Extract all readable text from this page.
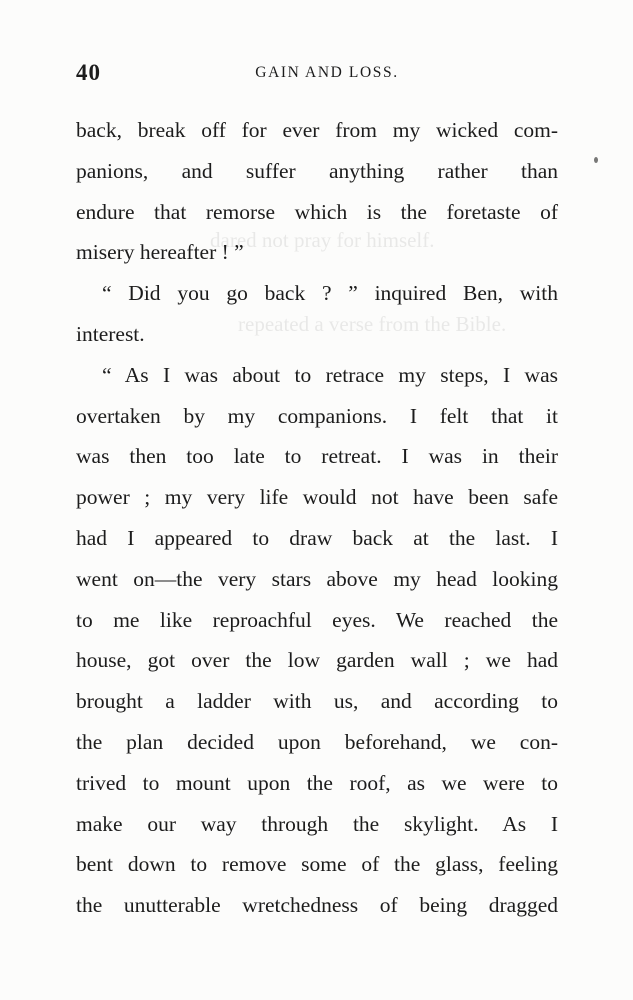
dared not pray for himself.
repeated a verse from the Bible.
40	GAIN AND LOSS.
back, break off for ever from my wicked com-
panions, and suffer anything rather than
endure that remorse which is the foretaste of
misery hereafter ! ”
“ Did you go back ? ” inquired Ben, with
interest.
“ As I was about to retrace my steps, I was
overtaken by my companions. I felt that it
was then too late to retreat. I was in their
power ; my very life would not have been safe
had I appeared to draw back at the last. I
went on—the very stars above my head looking
to me like reproachful eyes. We reached the
house, got over the low garden wall ; we had
brought a ladder with us, and according to
the plan decided upon beforehand, we con-
trived to mount upon the roof, as we were to
make our way through the skylight. As I
bent down to remove some of the glass, feeling
the unutterable wretchedness of being dragged
